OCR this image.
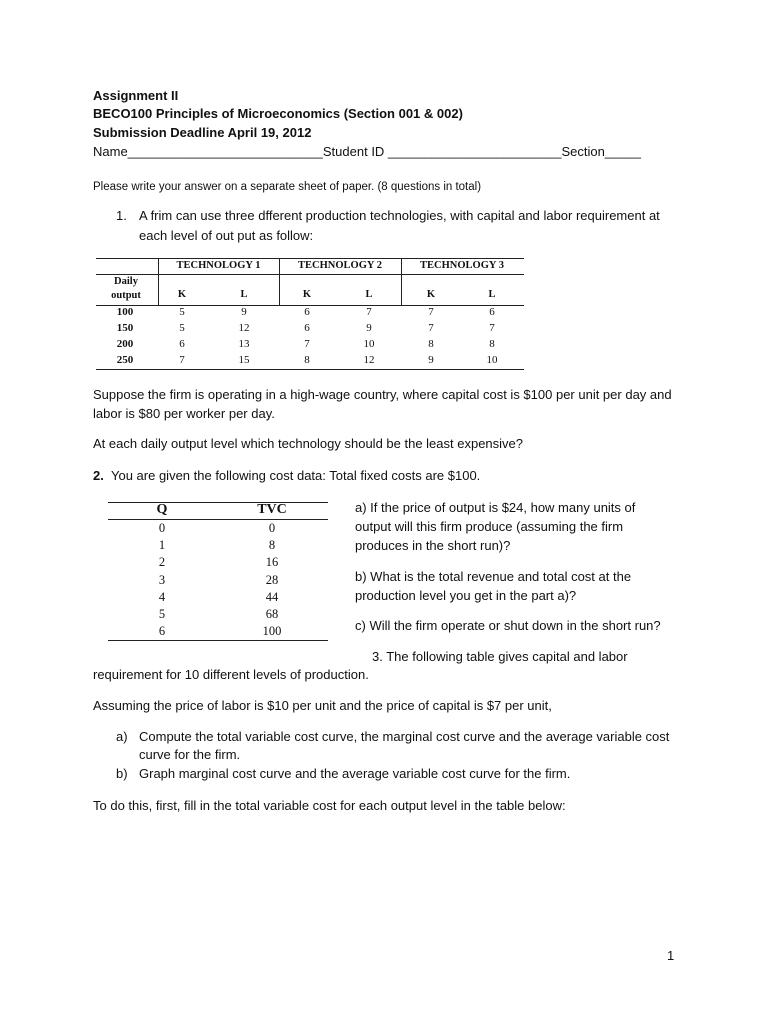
Assignment II
BECO100 Principles of Microeconomics (Section 001 & 002)
Submission Deadline April 19, 2012
Name___________________________Student ID ________________________Section_____
Please write your answer on a separate sheet of paper. (8 questions in total)
1. A frim can use three dfferent production technologies, with capital and labor requirement at
each level of out put as follow:
TECHNOLOGY 1	TECHNOLOGY 2	TECHNOLOGY 3
Daily
output	K	L	K	L	K	L
100	5	9	6	7	7	6
150	5	12	6	9	7	7
200	6	13	7	10	8	8
250	7	15	8	12	9	10
Suppose the firm is operating in a high-wage country, where capital cost is $100 per unit per day and
labor is $80 per worker per day.
At each daily output level which technology should be the least expensive?
2. You are given the following cost data: Total fixed costs are $100.
Q	TVC
0	0
1	8
2	16
3	28
4	44
5	68
6	100
a) If the price of output is $24, how many units of
output will this firm produce (assuming the firm
produces in the short run)?
b) What is the total revenue and total cost at the
production level you get in the part a)?
c) Will the firm operate or shut down in the short run?
3. The following table gives capital and labor
requirement for 10 different levels of production.
Assuming the price of labor is $10 per unit and the price of capital is $7 per unit,
a) Compute the total variable cost curve, the marginal cost curve and the average variable cost
curve for the firm.
b) Graph marginal cost curve and the average variable cost curve for the firm.
To do this, first, fill in the total variable cost for each output level in the table below:
1
